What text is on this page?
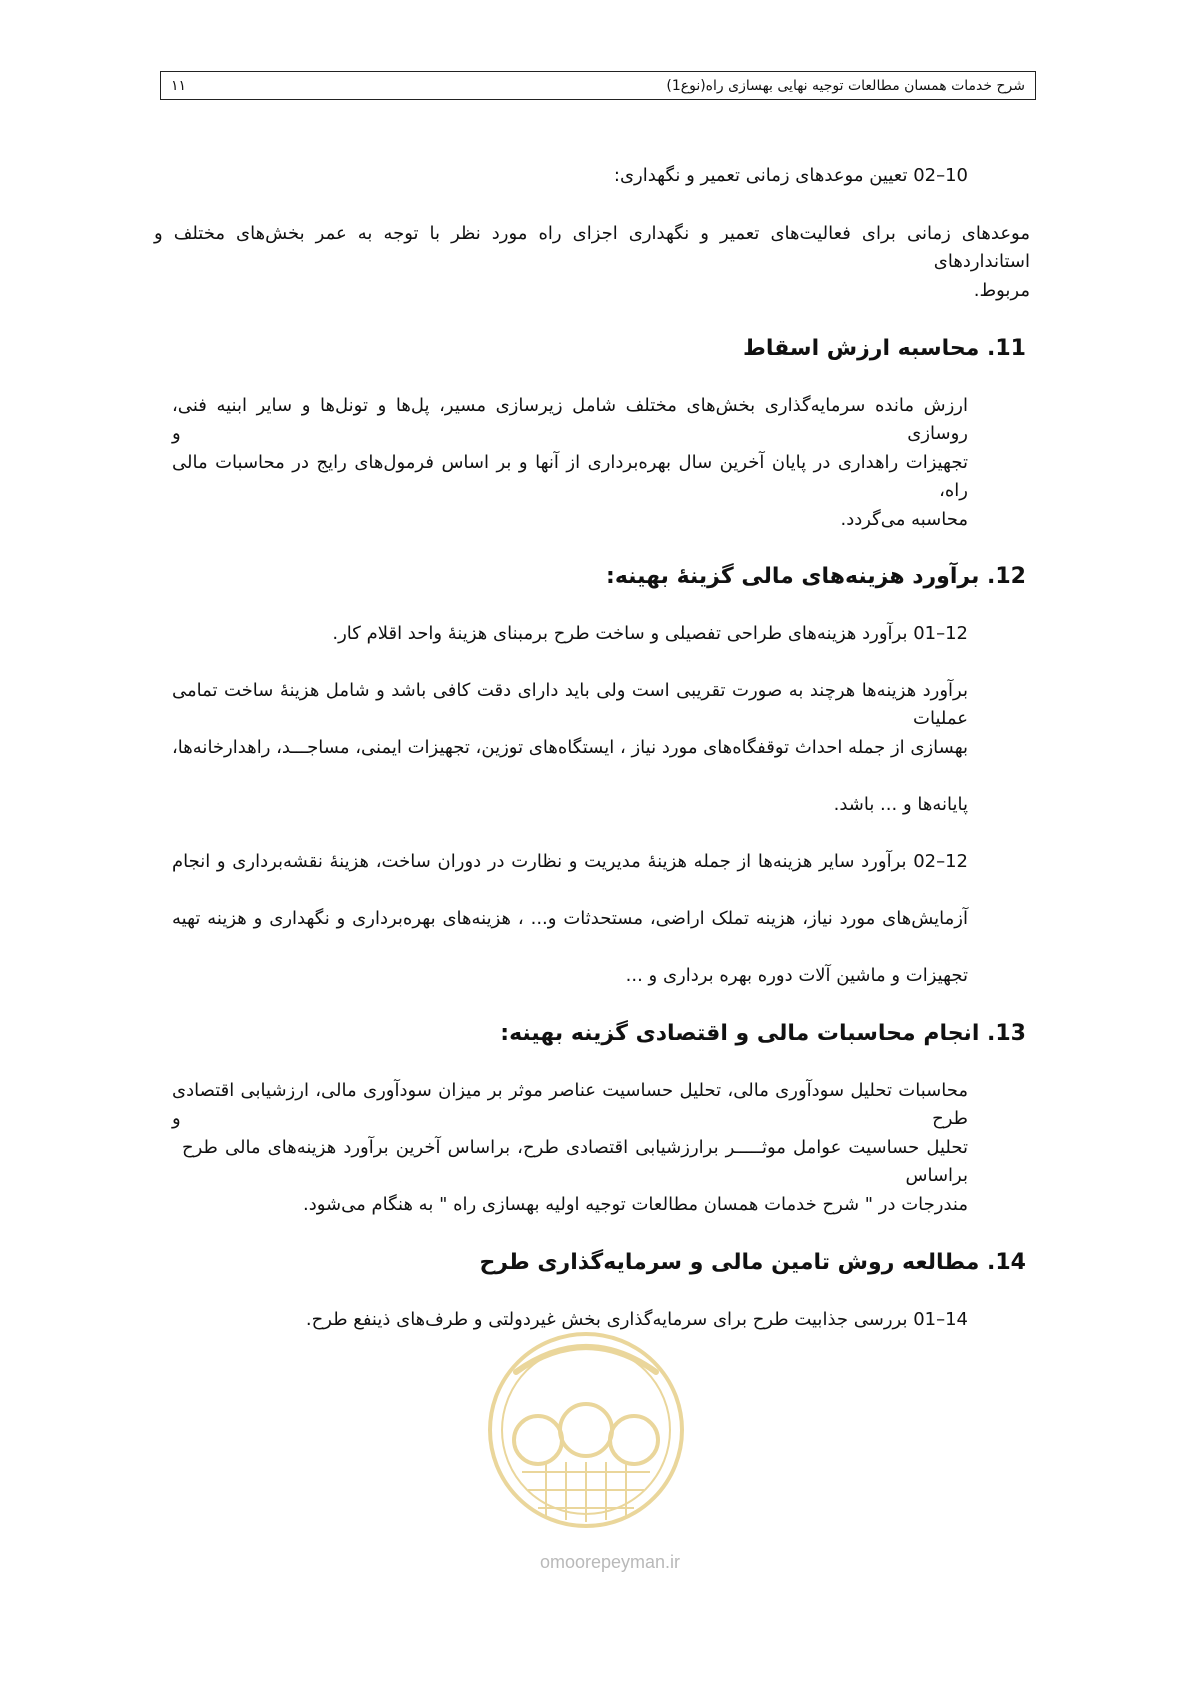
شرح خدمات همسان مطالعات توجیه نهایی بهسازی راه(نوع1)
۱۱

10–02 تعیین موعدهای زمانی تعمیر و نگهداری:

موعدهای زمانی برای فعالیت‌های تعمیر و نگهداری اجزای راه مورد نظر با توجه به عمر بخش‌های مختلف و استانداردهای

مربوط.

11. محاسبه ارزش اسقاط

ارزش مانده سرمایه‌گذاری بخش‌های مختلف شامل زیرسازی مسیر، پل‌ها و تونل‌ها و سایر ابنیه فنی، روسازی و

تجهیزات راهداری در پایان آخرین سال بهره‌برداری از آنها و بر اساس فرمول‌های رایج در محاسبات مالی راه،

محاسبه می‌گردد.

12. برآورد هزینه‌های مالی گزینهٔ بهینه:

12–01 برآورد هزینه‌های طراحی تفصیلی و ساخت طرح برمبنای هزینهٔ واحد اقلام کار.

برآورد هزینه‌ها هرچند به صورت تقریبی است ولی باید دارای دقت کافی باشد و شامل هزینهٔ ساخت تمامی عملیات

بهسازی از جمله احداث توقفگاه‌های مورد نیاز ، ایستگاه‌های توزین، تجهیزات ایمنی، مساجـــد، راهدارخانه‌ها،

پایانه‌ها و ... باشد.

12–02 برآورد سایر هزینه‌ها از جمله هزینهٔ مدیریت و نظارت در دوران ساخت، هزینهٔ نقشه‌برداری و انجام

آزمایش‌های مورد نیاز، هزینه تملک اراضی، مستحدثات و... ، هزینه‌های بهره‌برداری و نگهداری و هزینه تهیه

تجهیزات و ماشین آلات دوره بهره برداری و ...

13. انجام محاسبات مالی و اقتصادی گزینه بهینه:

محاسبات تحلیل سودآوری مالی، تحلیل حساسیت عناصر موثر بر میزان سودآوری مالی، ارزشیابی اقتصادی طرح و

تحلیل حساسیت عوامل موثـــــر برارزشیابی اقتصادی طرح، براساس آخرین برآورد هزینه‌های مالی طرح براساس

مندرجات در " شرح خدمات همسان مطالعات توجیه اولیه بهسازی راه " به هنگام می‌شود.

14. مطالعه روش تامین مالی و سرمایه‌گذاری طرح

14–01 بررسی جذابیت طرح برای سرمایه‌گذاری بخش غیردولتی و طرف‌های ذینفع طرح.

omoorepeyman.ir
